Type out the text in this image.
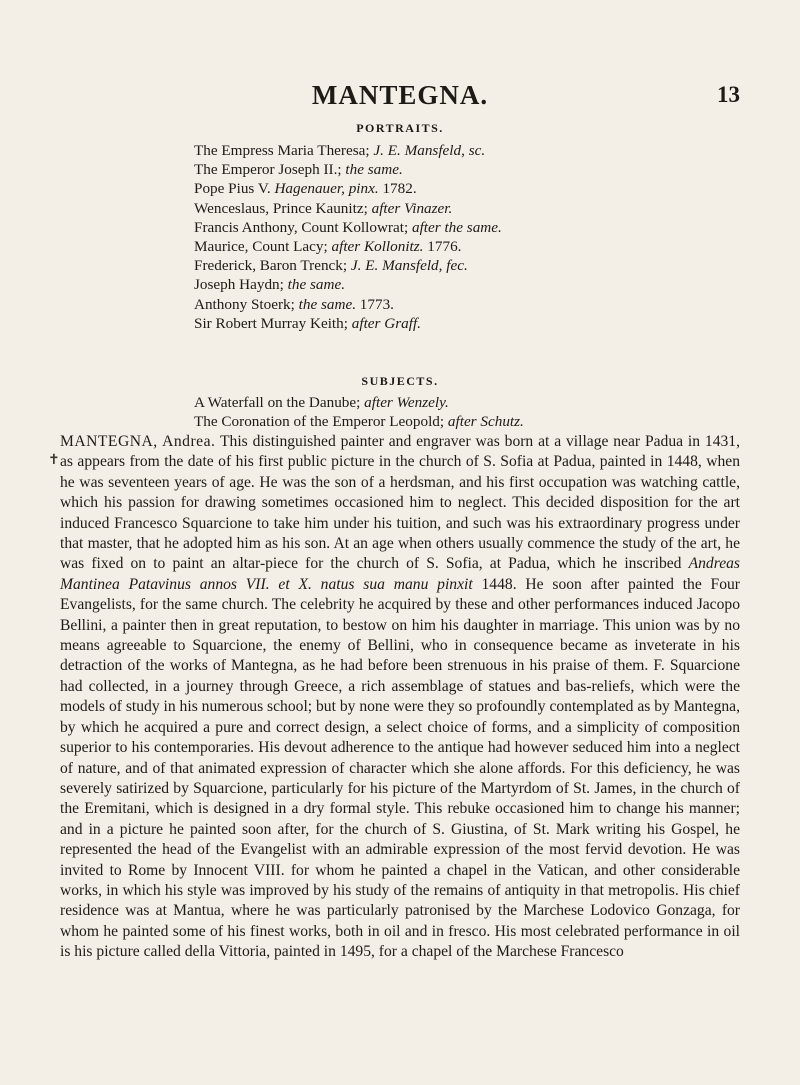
MANTEGNA.	13
PORTRAITS.
The Empress Maria Theresa; J. E. Mansfeld, sc.
The Emperor Joseph II.; the same.
Pope Pius V. Hagenauer, pinx. 1782.
Wenceslaus, Prince Kaunitz; after Vinazer.
Francis Anthony, Count Kollowrat; after the same.
Maurice, Count Lacy; after Kollonitz. 1776.
Frederick, Baron Trenck; J. E. Mansfeld, fec.
Joseph Haydn; the same.
Anthony Stoerk; the same. 1773.
Sir Robert Murray Keith; after Graff.
SUBJECTS.
A Waterfall on the Danube; after Wenzely.
The Coronation of the Emperor Leopold; after Schutz.
✝

MANTEGNA, Andrea. This distinguished painter and engraver was born at a village near Padua in 1431, as appears from the date of his first public picture in the church of S. Sofia at Padua, painted in 1448, when he was seventeen years of age. He was the son of a herdsman, and his first occupation was watching cattle, which his passion for drawing sometimes occasioned him to neglect. This decided disposition for the art induced Francesco Squarcione to take him under his tuition, and such was his extraordinary progress under that master, that he adopted him as his son. At an age when others usually commence the study of the art, he was fixed on to paint an altar-piece for the church of S. Sofia, at Padua, which he inscribed Andreas Mantinea Patavinus annos VII. et X. natus sua manu pinxit 1448. He soon after painted the Four Evangelists, for the same church. The celebrity he acquired by these and other performances induced Jacopo Bellini, a painter then in great reputation, to bestow on him his daughter in marriage. This union was by no means agreeable to Squarcione, the enemy of Bellini, who in consequence became as inveterate in his detraction of the works of Mantegna, as he had before been strenuous in his praise of them. F. Squarcione had collected, in a journey through Greece, a rich assemblage of statues and bas-reliefs, which were the models of study in his numerous school; but by none were they so profoundly contemplated as by Mantegna, by which he acquired a pure and correct design, a select choice of forms, and a simplicity of composition superior to his contemporaries. His devout adherence to the antique had however seduced him into a neglect of nature, and of that animated expression of character which she alone affords. For this deficiency, he was severely satirized by Squarcione, particularly for his picture of the Martyrdom of St. James, in the church of the Eremitani, which is designed in a dry formal style. This rebuke occasioned him to change his manner; and in a picture he painted soon after, for the church of S. Giustina, of St. Mark writing his Gospel, he represented the head of the Evangelist with an admirable expression of the most fervid devotion. He was invited to Rome by Innocent VIII. for whom he painted a chapel in the Vatican, and other considerable works, in which his style was improved by his study of the remains of antiquity in that metropolis. His chief residence was at Mantua, where he was particularly patronised by the Marchese Lodovico Gonzaga, for whom he painted some of his finest works, both in oil and in fresco. His most celebrated performance in oil is his picture called della Vittoria, painted in 1495, for a chapel of the Marchese Francesco
